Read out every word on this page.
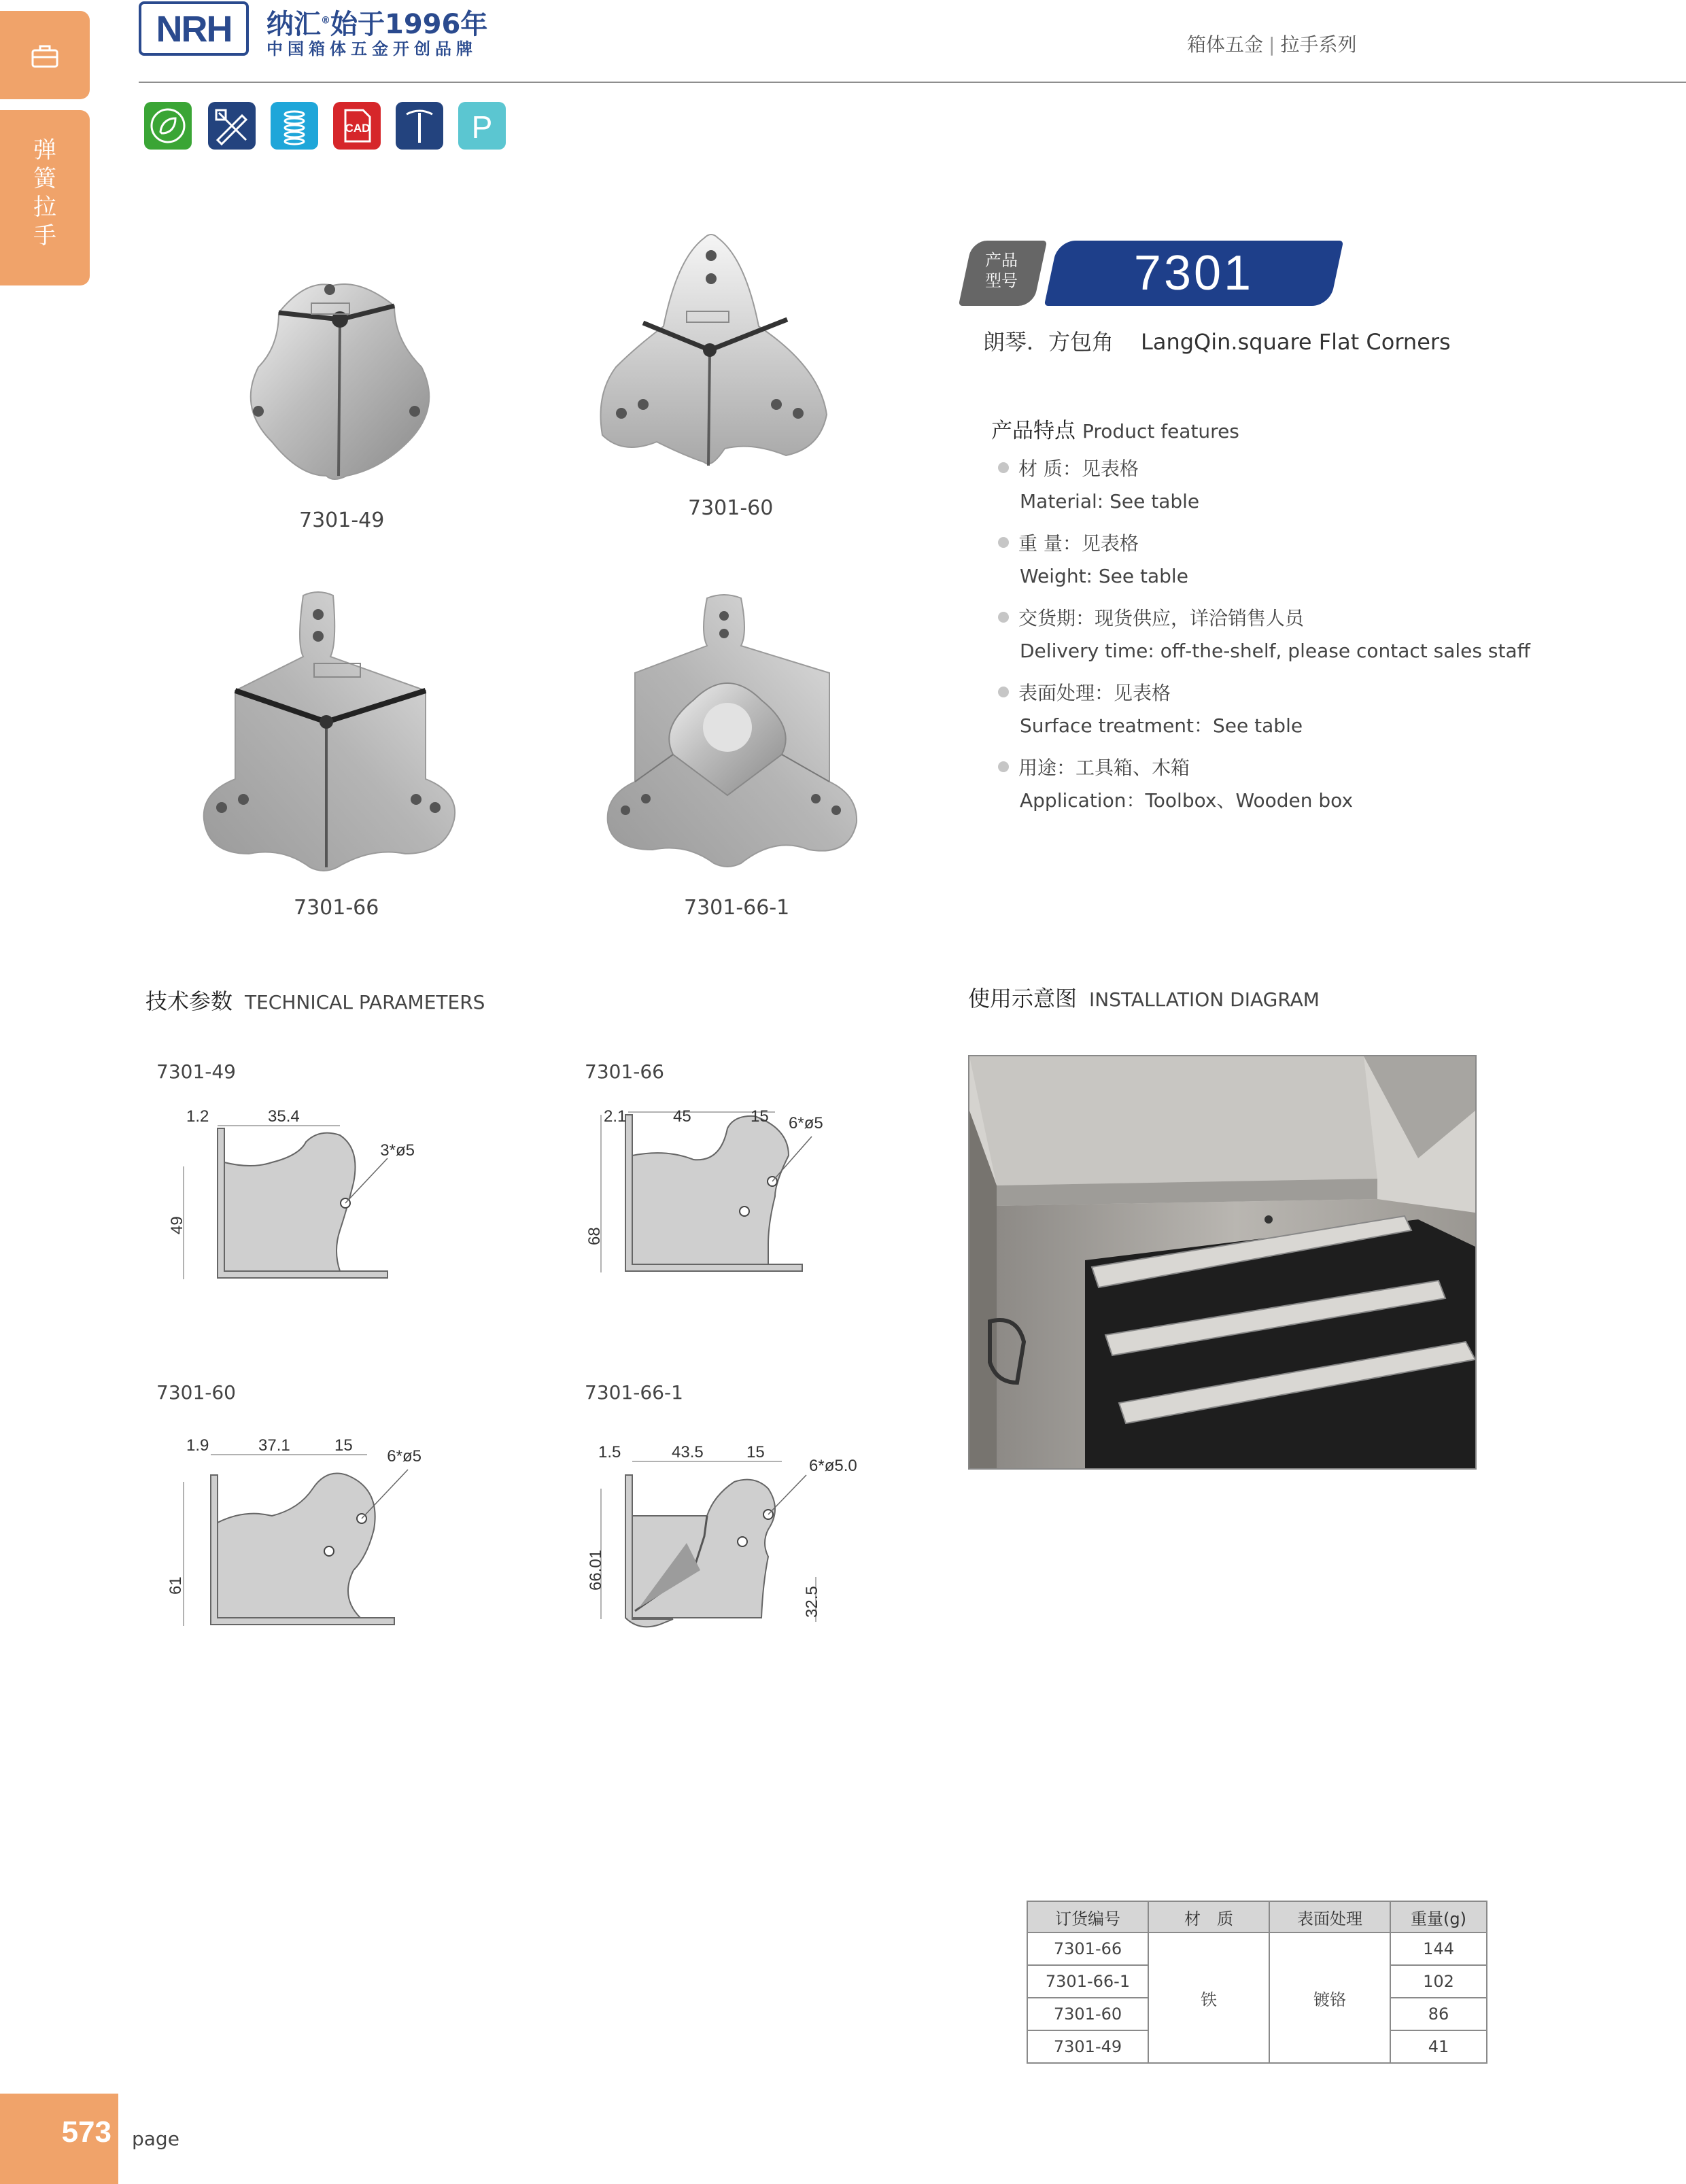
弹
簧
拉
手
NRH	纳汇®始于1996年
中国箱体五金开创品牌	箱体五金 | 拉手系列
CAD	P
7301-49
7301-60
7301-66	7301-66-1
产品
型号	7301
朗琴．方包角 LangQin.square Flat Corners
产品特点 Product features
材 质：见表格
Material: See table
重 量：见表格
Weight: See table
交货期：现货供应，详洽销售人员
Delivery time: off-the-shelf, please contact sales staff
表面处理：见表格
Surface treatment：See table
用途：工具箱、木箱
Application：Toolbox、Wooden box
技术参数 TECHNICAL PARAMETERS	使用示意图 INSTALLATION DIAGRAM
7301-49
1.2	35.4
3*ø5
49
7301-66
2.1	45	15 6*ø5
68
7301-60
1.9	37.1	15
6*ø5
61
7301-66-1
1.5	43.5	15
6*ø5.0
66.01
32.5
订货编号	材　质	表面处理	重量(g)
7301-66	铁	镀铬	144
7301-66-1			102
7301-60			86
7301-49			41
573 page
